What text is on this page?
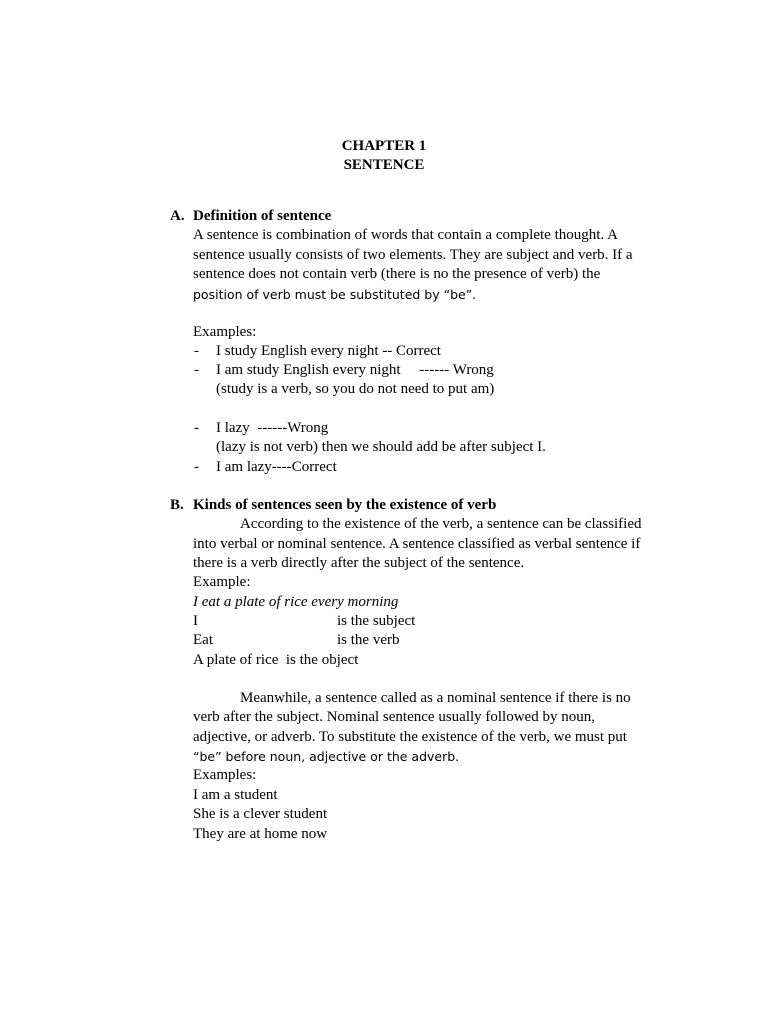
CHAPTER 1
SENTENCE
A. Definition of sentence
A sentence is combination of words that contain a complete thought. A
sentence usually consists of two elements. They are subject and verb. If a
sentence does not contain verb (there is no the presence of verb) the
position of verb must be substituted by “be”.
Examples:
- I study English every night -- Correct
- I am study English every night     ------ Wrong
(study is a verb, so you do not need to put am)
- I lazy  ------Wrong
(lazy is not verb) then we should add be after subject I.
- I am lazy----Correct
B. Kinds of sentences seen by the existence of verb
According to the existence of the verb, a sentence can be classified
into verbal or nominal sentence. A sentence classified as verbal sentence if
there is a verb directly after the subject of the sentence.
Example:
I eat a plate of rice every morning
I	is the subject
Eat	is the verb
A plate of rice  is the object
Meanwhile, a sentence called as a nominal sentence if there is no
verb after the subject. Nominal sentence usually followed by noun,
adjective, or adverb. To substitute the existence of the verb, we must put
“be” before noun, adjective or the adverb.
Examples:
I am a student
She is a clever student
They are at home now
